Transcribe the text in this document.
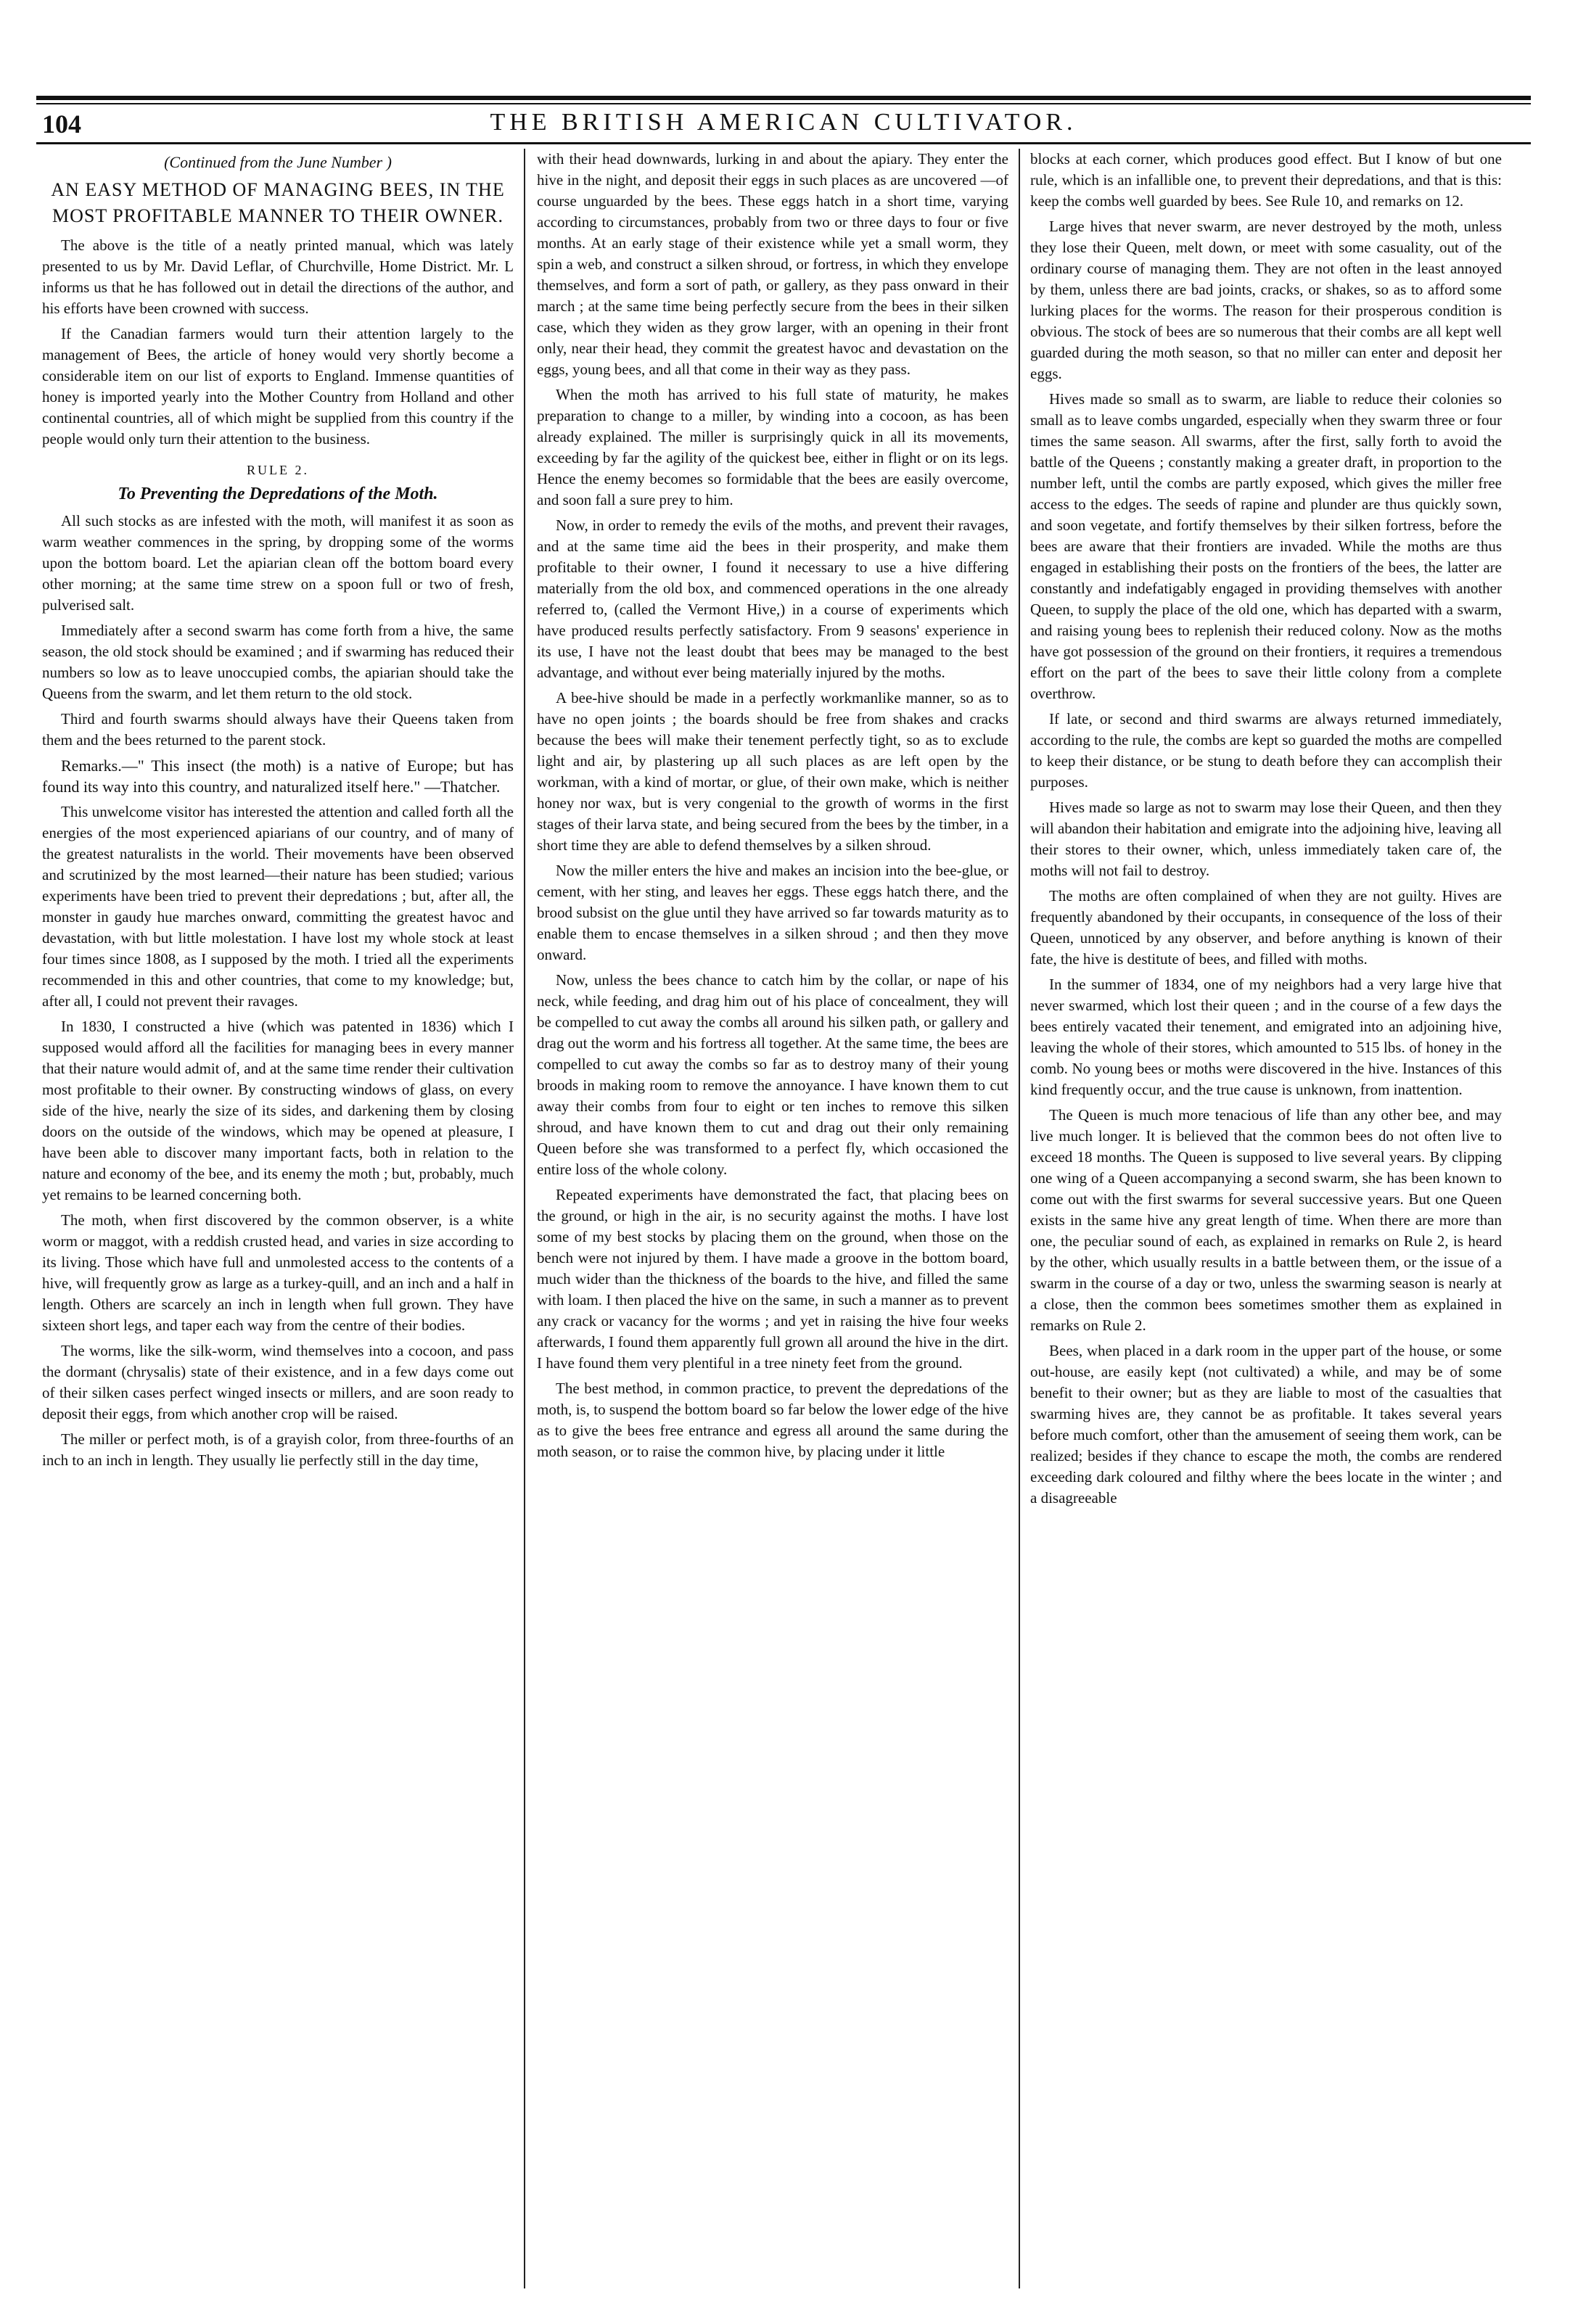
104	THE BRITISH AMERICAN CULTIVATOR.
(Continued from the June Number )
AN EASY METHOD OF MANAGING BEES, IN THE MOST PROFITABLE MANNER TO THEIR OWNER.

The above is the title of a neatly printed manual, which was lately presented to us by Mr. David Leflar, of Churchville, Home District. Mr. L informs us that he has followed out in detail the directions of the author, and his efforts have been crowned with success.

If the Canadian farmers would turn their attention largely to the management of Bees, the article of honey would very shortly become a considerable item on our list of exports to England. Immense quantities of honey is imported yearly into the Mother Country from Holland and other continental countries, all of which might be supplied from this country if the people would only turn their attention to the business.

RULE 2.
To Preventing the Depredations of the Moth.

All such stocks as are infested with the moth, will manifest it as soon as warm weather commences in the spring, by dropping some of the worms upon the bottom board. Let the apiarian clean off the bottom board every other morning; at the same time strew on a spoon full or two of fresh, pulverised salt.

Immediately after a second swarm has come forth from a hive, the same season, the old stock should be examined ; and if swarming has reduced their numbers so low as to leave unoccupied combs, the apiarian should take the Queens from the swarm, and let them return to the old stock.

Third and fourth swarms should always have their Queens taken from them and the bees returned to the parent stock.

Remarks.—" This insect (the moth) is a native of Europe; but has found its way into this country, and naturalized itself here." —Thatcher.

This unwelcome visitor has interested the attention and called forth all the energies of the most experienced apiarians of our country, and of many of the greatest naturalists in the world. Their movements have been observed and scrutinized by the most learned—their nature has been studied; various experiments have been tried to prevent their depredations ; but, after all, the monster in gaudy hue marches onward, committing the greatest havoc and devastation, with but little molestation. I have lost my whole stock at least four times since 1808, as I supposed by the moth. I tried all the experiments recommended in this and other countries, that come to my knowledge; but, after all, I could not prevent their ravages.

In 1830, I constructed a hive (which was patented in 1836) which I supposed would afford all the facilities for managing bees in every manner that their nature would admit of, and at the same time render their cultivation most profitable to their owner. By constructing windows of glass, on every side of the hive, nearly the size of its sides, and darkening them by closing doors on the outside of the windows, which may be opened at pleasure, I have been able to discover many important facts, both in relation to the nature and economy of the bee, and its enemy the moth ; but, probably, much yet remains to be learned concerning both.

The moth, when first discovered by the common observer, is a white worm or maggot, with a reddish crusted head, and varies in size according to its living. Those which have full and unmolested access to the contents of a hive, will frequently grow as large as a turkey-quill, and an inch and a half in length. Others are scarcely an inch in length when full grown. They have sixteen short legs, and taper each way from the centre of their bodies.

The worms, like the silk-worm, wind themselves into a cocoon, and pass the dormant (chrysalis) state of their existence, and in a few days come out of their silken cases perfect winged insects or millers, and are soon ready to deposit their eggs, from which another crop will be raised.

The miller or perfect moth, is of a grayish color, from three-fourths of an inch to an inch in length. They usually lie perfectly still in the day time,

with their head downwards, lurking in and about the apiary. They enter the hive in the night, and deposit their eggs in such places as are uncovered —of course unguarded by the bees. These eggs hatch in a short time, varying according to circumstances, probably from two or three days to four or five months. At an early stage of their existence while yet a small worm, they spin a web, and construct a silken shroud, or fortress, in which they envelope themselves, and form a sort of path, or gallery, as they pass onward in their march ; at the same time being perfectly secure from the bees in their silken case, which they widen as they grow larger, with an opening in their front only, near their head, they commit the greatest havoc and devastation on the eggs, young bees, and all that come in their way as they pass.

When the moth has arrived to his full state of maturity, he makes preparation to change to a miller, by winding into a cocoon, as has been already explained. The miller is surprisingly quick in all its movements, exceeding by far the agility of the quickest bee, either in flight or on its legs. Hence the enemy becomes so formidable that the bees are easily overcome, and soon fall a sure prey to him.

Now, in order to remedy the evils of the moths, and prevent their ravages, and at the same time aid the bees in their prosperity, and make them profitable to their owner, I found it necessary to use a hive differing materially from the old box, and commenced operations in the one already referred to, (called the Vermont Hive,) in a course of experiments which have produced results perfectly satisfactory. From 9 seasons' experience in its use, I have not the least doubt that bees may be managed to the best advantage, and without ever being materially injured by the moths.

A bee-hive should be made in a perfectly workmanlike manner, so as to have no open joints ; the boards should be free from shakes and cracks because the bees will make their tenement perfectly tight, so as to exclude light and air, by plastering up all such places as are left open by the workman, with a kind of mortar, or glue, of their own make, which is neither honey nor wax, but is very congenial to the growth of worms in the first stages of their larva state, and being secured from the bees by the timber, in a short time they are able to defend themselves by a silken shroud.

Now the miller enters the hive and makes an incision into the bee-glue, or cement, with her sting, and leaves her eggs. These eggs hatch there, and the brood subsist on the glue until they have arrived so far towards maturity as to enable them to encase themselves in a silken shroud ; and then they move onward.

Now, unless the bees chance to catch him by the collar, or nape of his neck, while feeding, and drag him out of his place of concealment, they will be compelled to cut away the combs all around his silken path, or gallery and drag out the worm and his fortress all together. At the same time, the bees are compelled to cut away the combs so far as to destroy many of their young broods in making room to remove the annoyance. I have known them to cut away their combs from four to eight or ten inches to remove this silken shroud, and have known them to cut and drag out their only remaining Queen before she was transformed to a perfect fly, which occasioned the entire loss of the whole colony.

Repeated experiments have demonstrated the fact, that placing bees on the ground, or high in the air, is no security against the moths. I have lost some of my best stocks by placing them on the ground, when those on the bench were not injured by them. I have made a groove in the bottom board, much wider than the thickness of the boards to the hive, and filled the same with loam. I then placed the hive on the same, in such a manner as to prevent any crack or vacancy for the worms ; and yet in raising the hive four weeks afterwards, I found them apparently full grown all around the hive in the dirt. I have found them very plentiful in a tree ninety feet from the ground.

The best method, in common practice, to prevent the depredations of the moth, is, to suspend the bottom board so far below the lower edge of the hive as to give the bees free entrance and egress all around the same during the moth season, or to raise the common hive, by placing under it little

blocks at each corner, which produces good effect. But I know of but one rule, which is an infallible one, to prevent their depredations, and that is this: keep the combs well guarded by bees. See Rule 10, and remarks on 12.

Large hives that never swarm, are never destroyed by the moth, unless they lose their Queen, melt down, or meet with some casuality, out of the ordinary course of managing them. They are not often in the least annoyed by them, unless there are bad joints, cracks, or shakes, so as to afford some lurking places for the worms. The reason for their prosperous condition is obvious. The stock of bees are so numerous that their combs are all kept well guarded during the moth season, so that no miller can enter and deposit her eggs.

Hives made so small as to swarm, are liable to reduce their colonies so small as to leave combs ungarded, especially when they swarm three or four times the same season. All swarms, after the first, sally forth to avoid the battle of the Queens ; constantly making a greater draft, in proportion to the number left, until the combs are partly exposed, which gives the miller free access to the edges. The seeds of rapine and plunder are thus quickly sown, and soon vegetate, and fortify themselves by their silken fortress, before the bees are aware that their frontiers are invaded. While the moths are thus engaged in establishing their posts on the frontiers of the bees, the latter are constantly and indefatigably engaged in providing themselves with another Queen, to supply the place of the old one, which has departed with a swarm, and raising young bees to replenish their reduced colony. Now as the moths have got possession of the ground on their frontiers, it requires a tremendous effort on the part of the bees to save their little colony from a complete overthrow.

If late, or second and third swarms are always returned immediately, according to the rule, the combs are kept so guarded the moths are compelled to keep their distance, or be stung to death before they can accomplish their purposes.

Hives made so large as not to swarm may lose their Queen, and then they will abandon their habitation and emigrate into the adjoining hive, leaving all their stores to their owner, which, unless immediately taken care of, the moths will not fail to destroy.

The moths are often complained of when they are not guilty. Hives are frequently abandoned by their occupants, in consequence of the loss of their Queen, unnoticed by any observer, and before anything is known of their fate, the hive is destitute of bees, and filled with moths.

In the summer of 1834, one of my neighbors had a very large hive that never swarmed, which lost their queen ; and in the course of a few days the bees entirely vacated their tenement, and emigrated into an adjoining hive, leaving the whole of their stores, which amounted to 515 lbs. of honey in the comb. No young bees or moths were discovered in the hive. Instances of this kind frequently occur, and the true cause is unknown, from inattention.

The Queen is much more tenacious of life than any other bee, and may live much longer. It is believed that the common bees do not often live to exceed 18 months. The Queen is supposed to live several years. By clipping one wing of a Queen accompanying a second swarm, she has been known to come out with the first swarms for several successive years. But one Queen exists in the same hive any great length of time. When there are more than one, the peculiar sound of each, as explained in remarks on Rule 2, is heard by the other, which usually results in a battle between them, or the issue of a swarm in the course of a day or two, unless the swarming season is nearly at a close, then the common bees sometimes smother them as explained in remarks on Rule 2.

Bees, when placed in a dark room in the upper part of the house, or some out-house, are easily kept (not cultivated) a while, and may be of some benefit to their owner; but as they are liable to most of the casualties that swarming hives are, they cannot be as profitable. It takes several years before much comfort, other than the amusement of seeing them work, can be realized; besides if they chance to escape the moth, the combs are rendered exceeding dark coloured and filthy where the bees locate in the winter ; and a disagreeable
